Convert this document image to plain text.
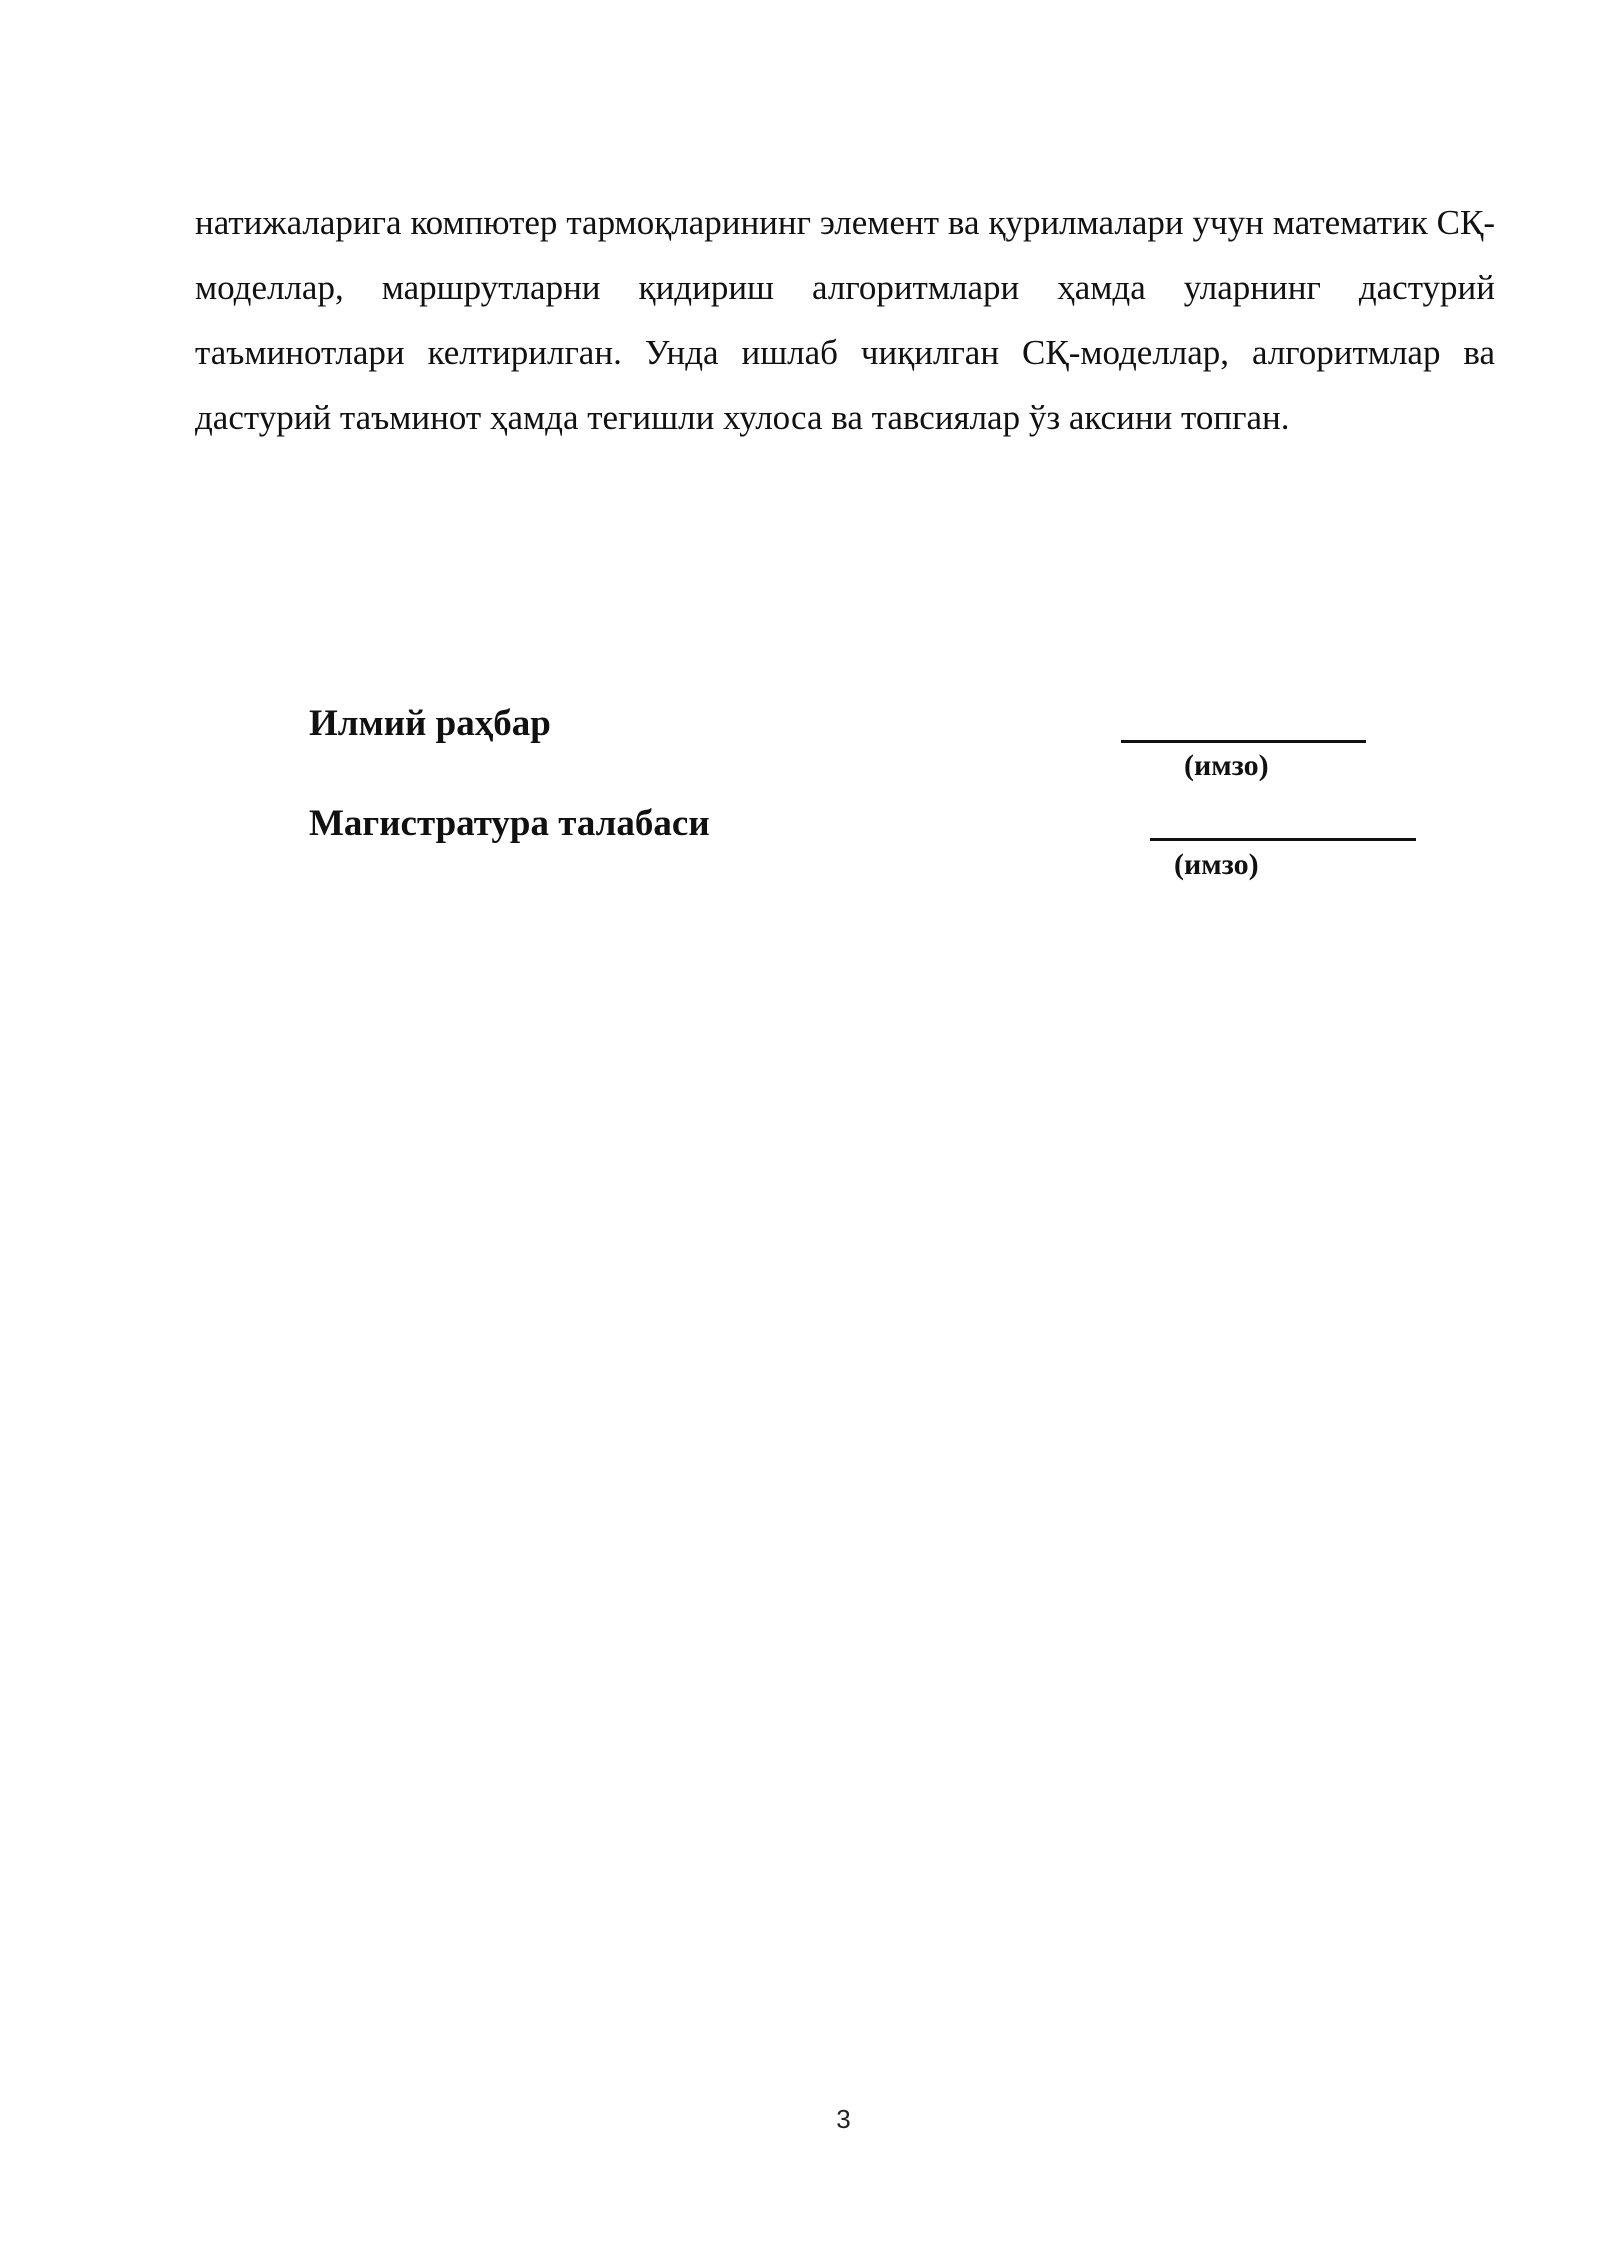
натижаларига компютер тармоқларининг элемент ва қурилмалари учун математик СҚ-моделлар, маршрутларни қидириш алгоритмлари ҳамда уларнинг дастурий таъминотлари келтирилган. Унда ишлаб чиқилган СҚ-моделлар, алгоритмлар ва дастурий таъминот ҳамда тегишли хулоса ва тавсиялар ўз аксини топган.

Илмий раҳбар
(имзо)
Магистратура талабаси
(имзо)
3
